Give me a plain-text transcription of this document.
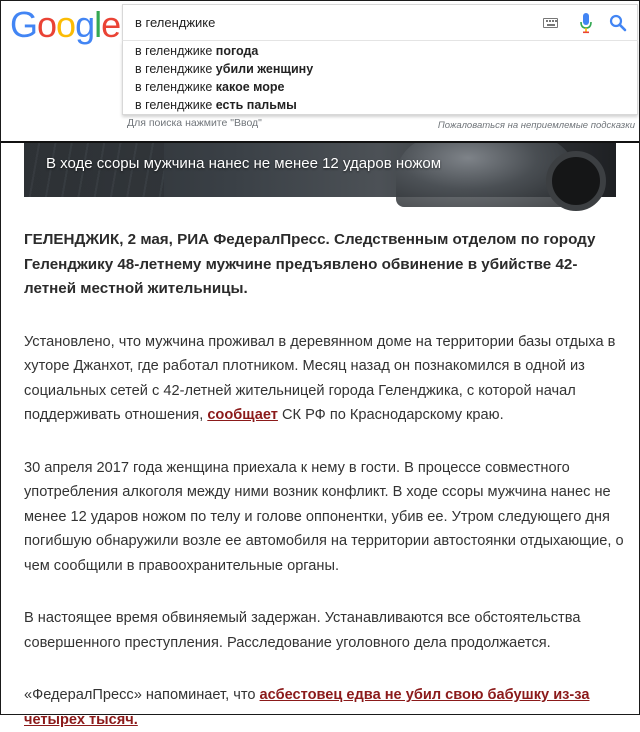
Google в геленджике
в геленджике погода
в геленджике убили женщину
в геленджике какое море
в геленджике есть пальмы
Для поиска нажмите "Ввод"	Пожаловаться на неприемлемые подсказки
В ходе ссоры мужчина нанес не менее 12 ударов ножом

ГЕЛЕНДЖИК, 2 мая, РИА ФедералПресс. Следственным отделом по городу Геленджику 48-летнему мужчине предъявлено обвинение в убийстве 42-летней местной жительницы.

Установлено, что мужчина проживал в деревянном доме на территории базы отдыха в хуторе Джанхот, где работал плотником. Месяц назад он познакомился в одной из социальных сетей с 42-летней жительницей города Геленджика, с которой начал поддерживать отношения, сообщает СК РФ по Краснодарскому краю.

30 апреля 2017 года женщина приехала к нему в гости. В процессе совместного употребления алкоголя между ними возник конфликт. В ходе ссоры мужчина нанес не менее 12 ударов ножом по телу и голове оппонентки, убив ее. Утром следующего дня погибшую обнаружили возле ее автомобиля на территории автостоянки отдыхающие, о чем сообщили в правоохранительные органы.

В настоящее время обвиняемый задержан. Устанавливаются все обстоятельства совершенного преступления. Расследование уголовного дела продолжается.

«ФедералПресс» напоминает, что асбестовец едва не убил свою бабушку из-за четырех тысяч.
